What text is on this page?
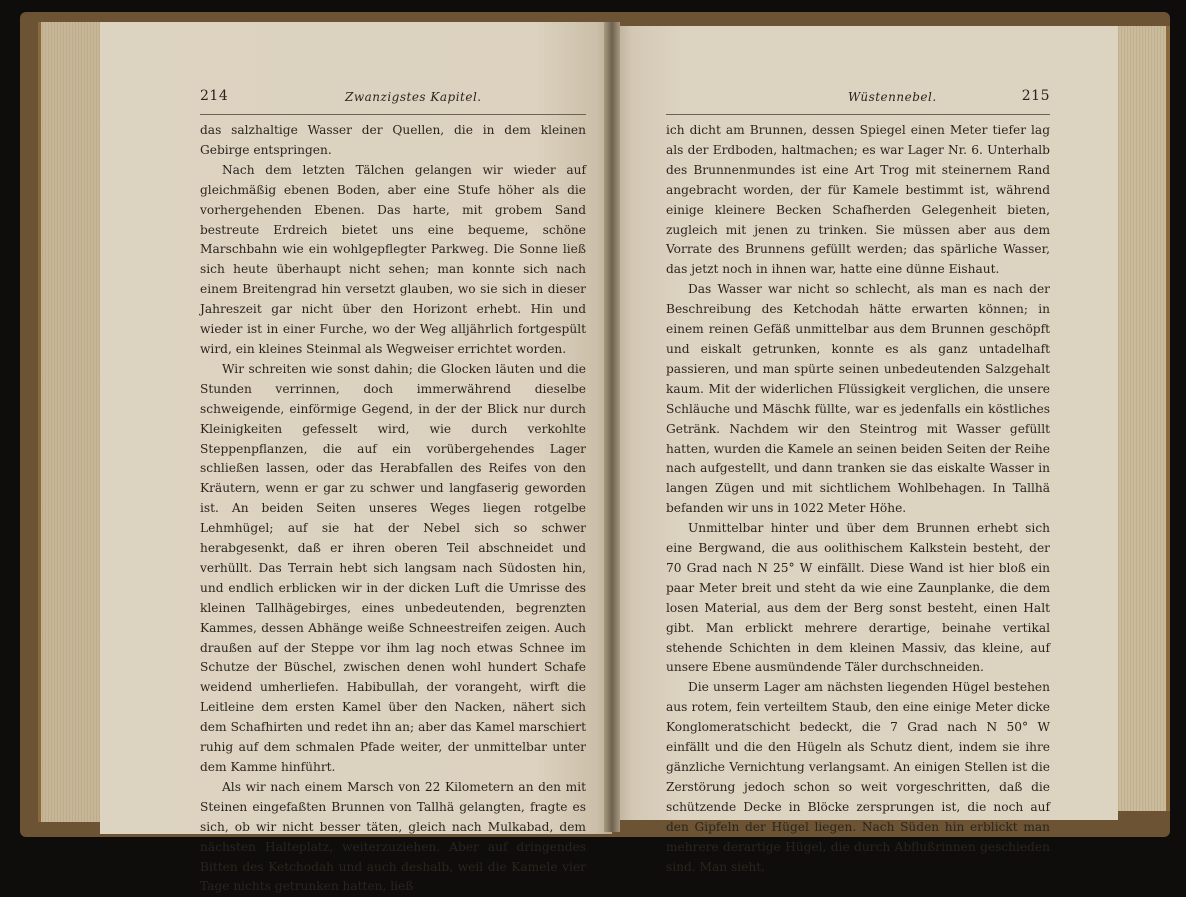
214	Zwanzigstes Kapitel.

das salzhaltige Wasser der Quellen, die in dem kleinen Gebirge entspringen.

Nach dem letzten Tälchen gelangen wir wieder auf gleichmäßig ebenen Boden, aber eine Stufe höher als die vorhergehenden Ebenen. Das harte, mit grobem Sand bestreute Erdreich bietet uns eine bequeme, schöne Marschbahn wie ein wohlgepflegter Parkweg. Die Sonne ließ sich heute überhaupt nicht sehen; man konnte sich nach einem Breitengrad hin versetzt glauben, wo sie sich in dieser Jahreszeit gar nicht über den Horizont erhebt. Hin und wieder ist in einer Furche, wo der Weg alljährlich fortgespült wird, ein kleines Steinmal als Wegweiser errichtet worden.

Wir schreiten wie sonst dahin; die Glocken läuten und die Stunden verrinnen, doch immerwährend dieselbe schweigende, einförmige Gegend, in der der Blick nur durch Kleinigkeiten gefesselt wird, wie durch verkohlte Steppenpflanzen, die auf ein vorübergehendes Lager schließen lassen, oder das Herabfallen des Reifes von den Kräutern, wenn er gar zu schwer und langfaserig geworden ist. An beiden Seiten unseres Weges liegen rotgelbe Lehmhügel; auf sie hat der Nebel sich so schwer herabgesenkt, daß er ihren oberen Teil abschneidet und verhüllt. Das Terrain hebt sich langsam nach Südosten hin, und endlich erblicken wir in der dicken Luft die Umrisse des kleinen Tallhägebirges, eines unbedeutenden, begrenzten Kammes, dessen Abhänge weiße Schneestreifen zeigen. Auch draußen auf der Steppe vor ihm lag noch etwas Schnee im Schutze der Büschel, zwischen denen wohl hundert Schafe weidend umherliefen. Habibullah, der vorangeht, wirft die Leitleine dem ersten Kamel über den Nacken, nähert sich dem Schafhirten und redet ihn an; aber das Kamel marschiert ruhig auf dem schmalen Pfade weiter, der unmittelbar unter dem Kamme hinführt.

Als wir nach einem Marsch von 22 Kilometern an den mit Steinen eingefaßten Brunnen von Tallhä gelangten, fragte es sich, ob wir nicht besser täten, gleich nach Mulkabad, dem nächsten Halteplatz, weiterzuziehen. Aber auf dringendes Bitten des Ketchodah und auch deshalb, weil die Kamele vier Tage nichts getrunken hatten, ließ

Wüstennebel.	215

ich dicht am Brunnen, dessen Spiegel einen Meter tiefer lag als der Erdboden, haltmachen; es war Lager Nr. 6. Unterhalb des Brunnenmundes ist eine Art Trog mit steinernem Rand angebracht worden, der für Kamele bestimmt ist, während einige kleinere Becken Schafherden Gelegenheit bieten, zugleich mit jenen zu trinken. Sie müssen aber aus dem Vorrate des Brunnens gefüllt werden; das spärliche Wasser, das jetzt noch in ihnen war, hatte eine dünne Eishaut.

Das Wasser war nicht so schlecht, als man es nach der Beschreibung des Ketchodah hätte erwarten können; in einem reinen Gefäß unmittelbar aus dem Brunnen geschöpft und eiskalt getrunken, konnte es als ganz untadelhaft passieren, und man spürte seinen unbedeutenden Salzgehalt kaum. Mit der widerlichen Flüssigkeit verglichen, die unsere Schläuche und Mäschk füllte, war es jedenfalls ein köstliches Getränk. Nachdem wir den Steintrog mit Wasser gefüllt hatten, wurden die Kamele an seinen beiden Seiten der Reihe nach aufgestellt, und dann tranken sie das eiskalte Wasser in langen Zügen und mit sichtlichem Wohlbehagen. In Tallhä befanden wir uns in 1022 Meter Höhe.

Unmittelbar hinter und über dem Brunnen erhebt sich eine Bergwand, die aus oolithischem Kalkstein besteht, der 70 Grad nach N 25° W einfällt. Diese Wand ist hier bloß ein paar Meter breit und steht da wie eine Zaunplanke, die dem losen Material, aus dem der Berg sonst besteht, einen Halt gibt. Man erblickt mehrere derartige, beinahe vertikal stehende Schichten in dem kleinen Massiv, das kleine, auf unsere Ebene ausmündende Täler durchschneiden.

Die unserm Lager am nächsten liegenden Hügel bestehen aus rotem, fein verteiltem Staub, den eine einige Meter dicke Konglomeratschicht bedeckt, die 7 Grad nach N 50° W einfällt und die den Hügeln als Schutz dient, indem sie ihre gänzliche Vernichtung verlangsamt. An einigen Stellen ist die Zerstörung jedoch schon so weit vorgeschritten, daß die schützende Decke in Blöcke zersprungen ist, die noch auf den Gipfeln der Hügel liegen. Nach Süden hin erblickt man mehrere derartige Hügel, die durch Abflußrinnen geschieden sind. Man sieht,
